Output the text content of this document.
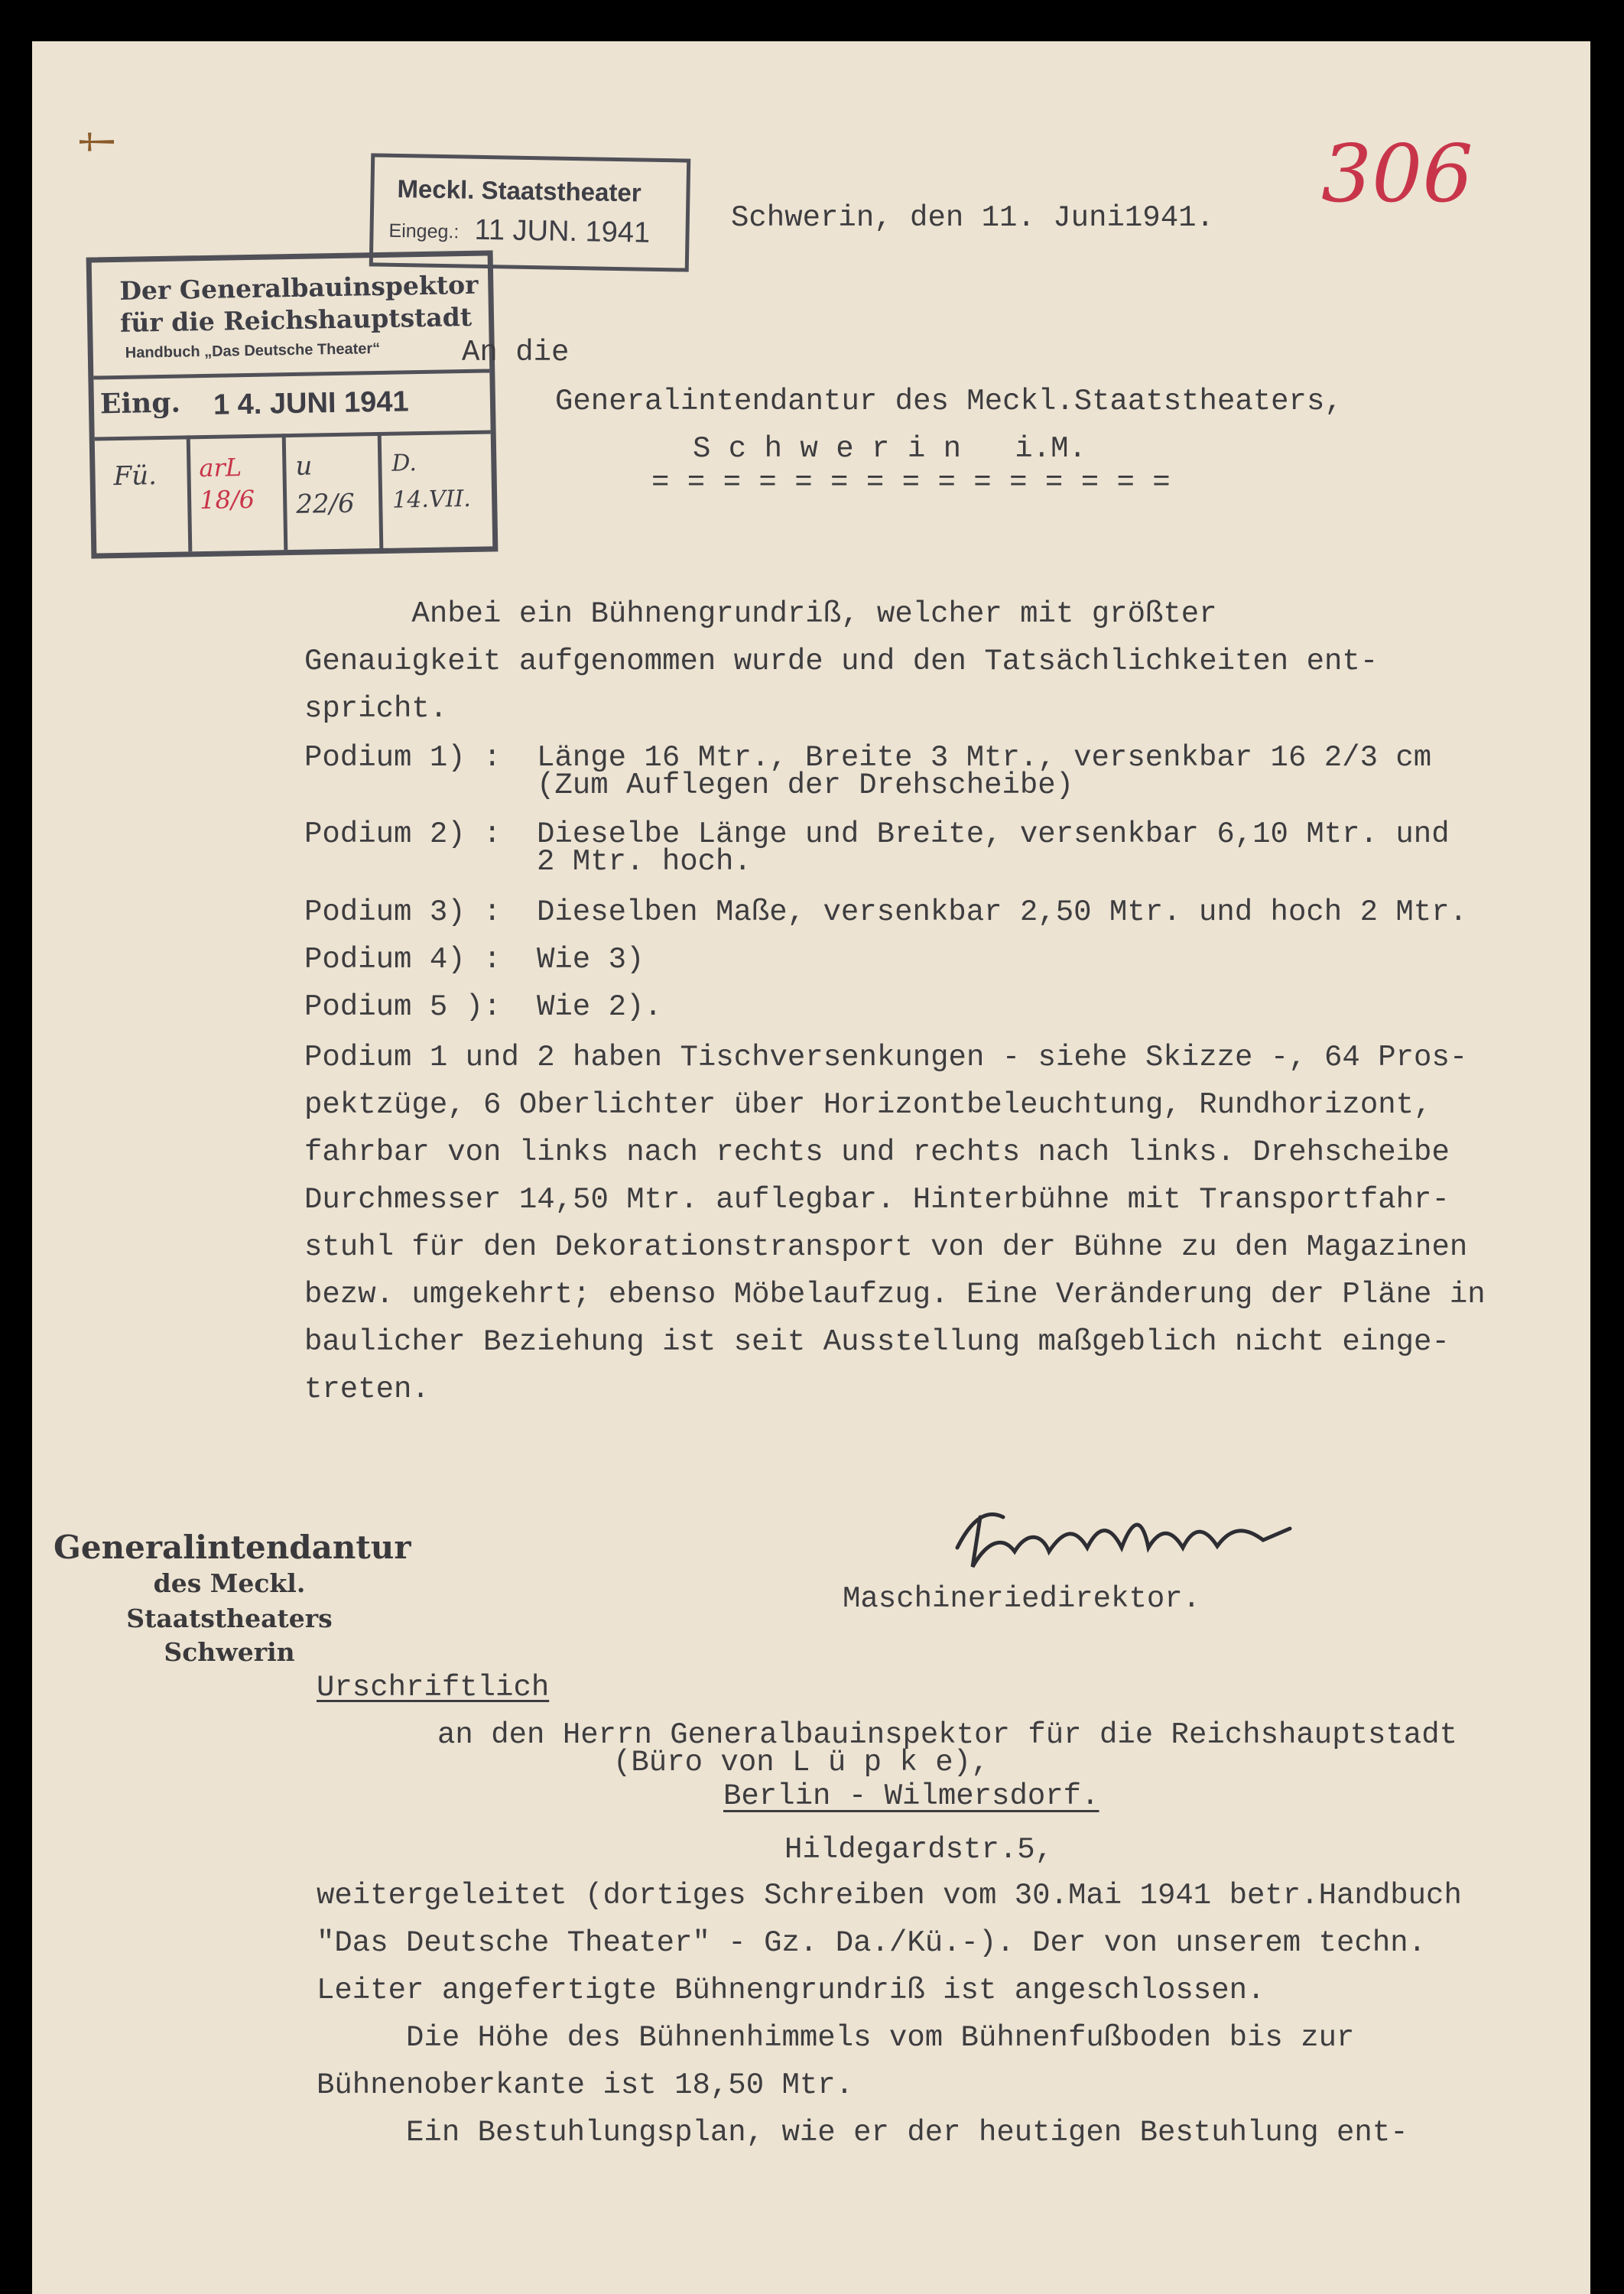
†	306
Meckl. Staatstheater
Eingeg.: 11 JUN. 1941
Der Generalbauinspektor
für die Reichshauptstadt
Handbuch „Das Deutsche Theater“
Eing. 1 4. JUNI 1941
Fü. arL 18/6
u 22/6
D. 14.VII.
Schwerin, den 11. Juni1941.
An die
Generalintendantur des Meckl.Staatstheaters,
S c h w e r i n   i.M.
= = = = = = = = = = = = = = =
Anbei ein Bühnengrundriß, welcher mit größter
Genauigkeit aufgenommen wurde und den Tatsächlichkeiten ent-
spricht.
Podium 1) : Länge 16 Mtr., Breite 3 Mtr., versenkbar 16 2/3 cm
(Zum Auflegen der Drehscheibe)
Podium 2) : Dieselbe Länge und Breite, versenkbar 6,10 Mtr. und
2 Mtr. hoch.
Podium 3) : Dieselben Maße, versenkbar 2,50 Mtr. und hoch 2 Mtr.
Podium 4) : Wie 3)
Podium 5 ): Wie 2).
Podium 1 und 2 haben Tischversenkungen - siehe Skizze -, 64 Pros-
pektzüge, 6 Oberlichter über Horizontbeleuchtung, Rundhorizont,
fahrbar von links nach rechts und rechts nach links. Drehscheibe
Durchmesser 14,50 Mtr. auflegbar. Hinterbühne mit Transportfahr-
stuhl für den Dekorationstransport von der Bühne zu den Magazinen
bezw. umgekehrt; ebenso Möbelaufzug. Eine Veränderung der Pläne in
baulicher Beziehung ist seit Ausstellung maßgeblich nicht einge-
treten.
Generalintendantur
des Meckl. Staatstheaters
Schwerin
Maschineriedirektor.
Urschriftlich
an den Herrn Generalbauinspektor für die Reichshauptstadt
(Büro von L ü p k e),
Berlin - Wilmersdorf.
Hildegardstr.5,
weitergeleitet (dortiges Schreiben vom 30.Mai 1941 betr.Handbuch
"Das Deutsche Theater" - Gz. Da./Kü.-). Der von unserem techn.
Leiter angefertigte Bühnengrundriß ist angeschlossen.
Die Höhe des Bühnenhimmels vom Bühnenfußboden bis zur
Bühnenoberkante ist 18,50 Mtr.
Ein Bestuhlungsplan, wie er der heutigen Bestuhlung ent-
